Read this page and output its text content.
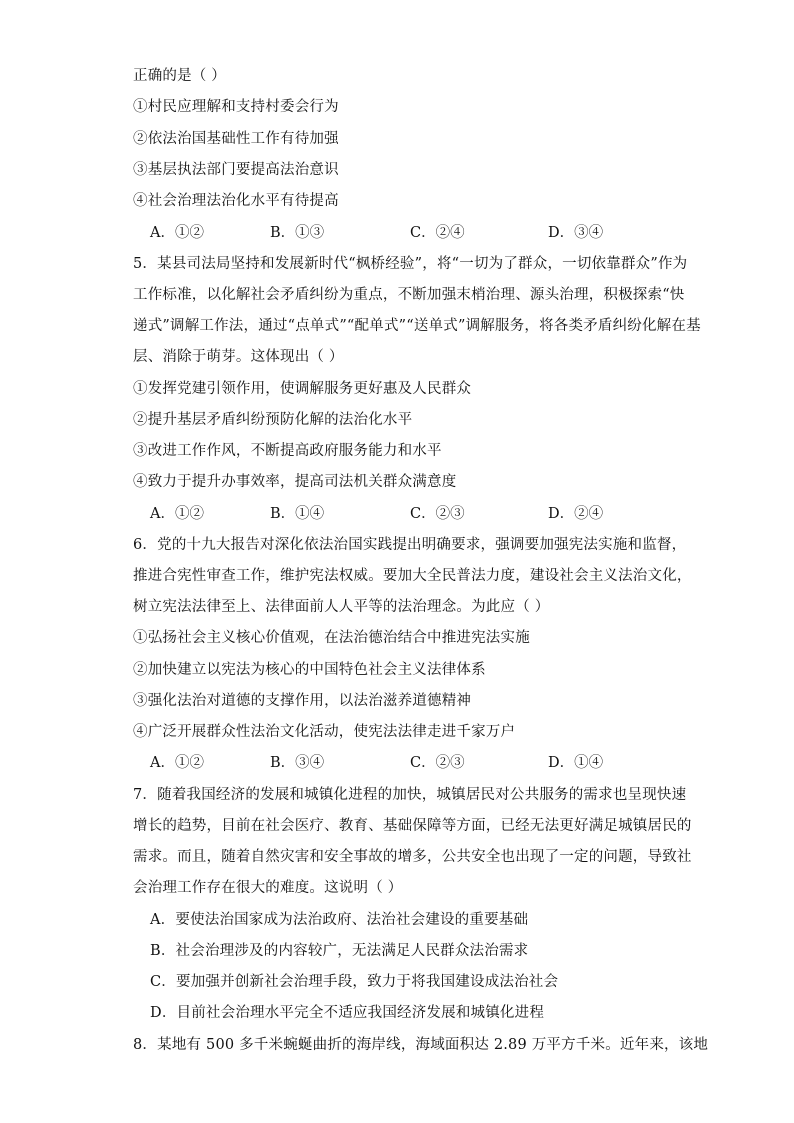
正确的是（ ）
①村民应理解和支持村委会行为
②依法治国基础性工作有待加强
③基层执法部门要提高法治意识
④社会治理法治化水平有待提高
A．①②	B．①③	C．②④	D．③④
5．某县司法局坚持和发展新时代“枫桥经验”，将“一切为了群众，一切依靠群众”作为
工作标准，以化解社会矛盾纠纷为重点，不断加强末梢治理、源头治理，积极探索“快
递式”调解工作法，通过“点单式”“配单式”“送单式”调解服务，将各类矛盾纠纷化解在基
层、消除于萌芽。这体现出（ ）
①发挥党建引领作用，使调解服务更好惠及人民群众
②提升基层矛盾纠纷预防化解的法治化水平
③改进工作作风，不断提高政府服务能力和水平
④致力于提升办事效率，提高司法机关群众满意度
A．①②	B．①④	C．②③	D．②④
6．党的十九大报告对深化依法治国实践提出明确要求，强调要加强宪法实施和监督，
推进合宪性审查工作，维护宪法权威。要加大全民普法力度，建设社会主义法治文化，
树立宪法法律至上、法律面前人人平等的法治理念。为此应（ ）
①弘扬社会主义核心价值观，在法治德治结合中推进宪法实施
②加快建立以宪法为核心的中国特色社会主义法律体系
③强化法治对道德的支撑作用，以法治滋养道德精神
④广泛开展群众性法治文化活动，使宪法法律走进千家万户
A．①②	B．③④	C．②③	D．①④
7．随着我国经济的发展和城镇化进程的加快，城镇居民对公共服务的需求也呈现快速
增长的趋势，目前在社会医疗、教育、基础保障等方面，已经无法更好满足城镇居民的
需求。而且，随着自然灾害和安全事故的增多，公共安全也出现了一定的问题，导致社
会治理工作存在很大的难度。这说明（ ）
A．要使法治国家成为法治政府、法治社会建设的重要基础
B．社会治理涉及的内容较广，无法满足人民群众法治需求
C．要加强并创新社会治理手段，致力于将我国建设成法治社会
D．目前社会治理水平完全不适应我国经济发展和城镇化进程
8．某地有 500 多千米蜿蜒曲折的海岸线，海域面积达 2.89 万平方千米。近年来，该地
